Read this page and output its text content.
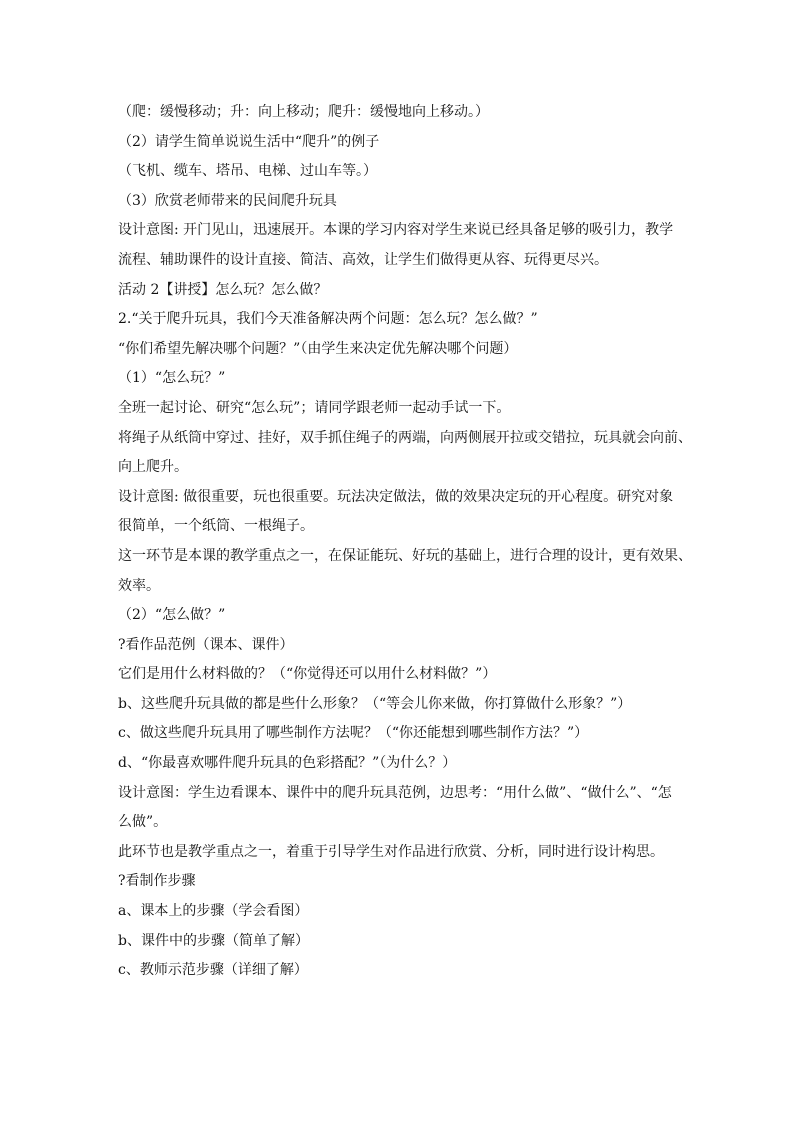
（爬：缓慢移动；升：向上移动；爬升：缓慢地向上移动。）
（2）请学生简单说说生活中“爬升”的例子
（飞机、缆车、塔吊、电梯、过山车等。）
（3）欣赏老师带来的民间爬升玩具
设计意图: 开门见山，迅速展开。本课的学习内容对学生来说已经具备足够的吸引力，教学
流程、辅助课件的设计直接、简洁、高效，让学生们做得更从容、玩得更尽兴。
活动 2【讲授】怎么玩？怎么做？
2.“关于爬升玩具，我们今天准备解决两个问题：怎么玩？怎么做？”
“你们希望先解决哪个问题？”（由学生来决定优先解决哪个问题）
（1）“怎么玩？”
全班一起讨论、研究“怎么玩”；请同学跟老师一起动手试一下。
将绳子从纸筒中穿过、挂好，双手抓住绳子的两端，向两侧展开拉或交错拉，玩具就会向前、
向上爬升。
设计意图: 做很重要，玩也很重要。玩法决定做法，做的效果决定玩的开心程度。研究对象
很简单，一个纸筒、一根绳子。
这一环节是本课的教学重点之一，在保证能玩、好玩的基础上，进行合理的设计，更有效果、
效率。
（2）“怎么做？”
?看作品范例（课本、课件）
它们是用什么材料做的？（“你觉得还可以用什么材料做？”）
b、这些爬升玩具做的都是些什么形象？（“等会儿你来做，你打算做什么形象？”）
c、做这些爬升玩具用了哪些制作方法呢？（“你还能想到哪些制作方法？”）
d、“你最喜欢哪件爬升玩具的色彩搭配？”（为什么？）
设计意图：学生边看课本、课件中的爬升玩具范例，边思考：“用什么做”、“做什么”、“怎
么做”。
此环节也是教学重点之一，着重于引导学生对作品进行欣赏、分析，同时进行设计构思。
?看制作步骤
a、课本上的步骤（学会看图）
b、课件中的步骤（简单了解）
c、教师示范步骤（详细了解）
